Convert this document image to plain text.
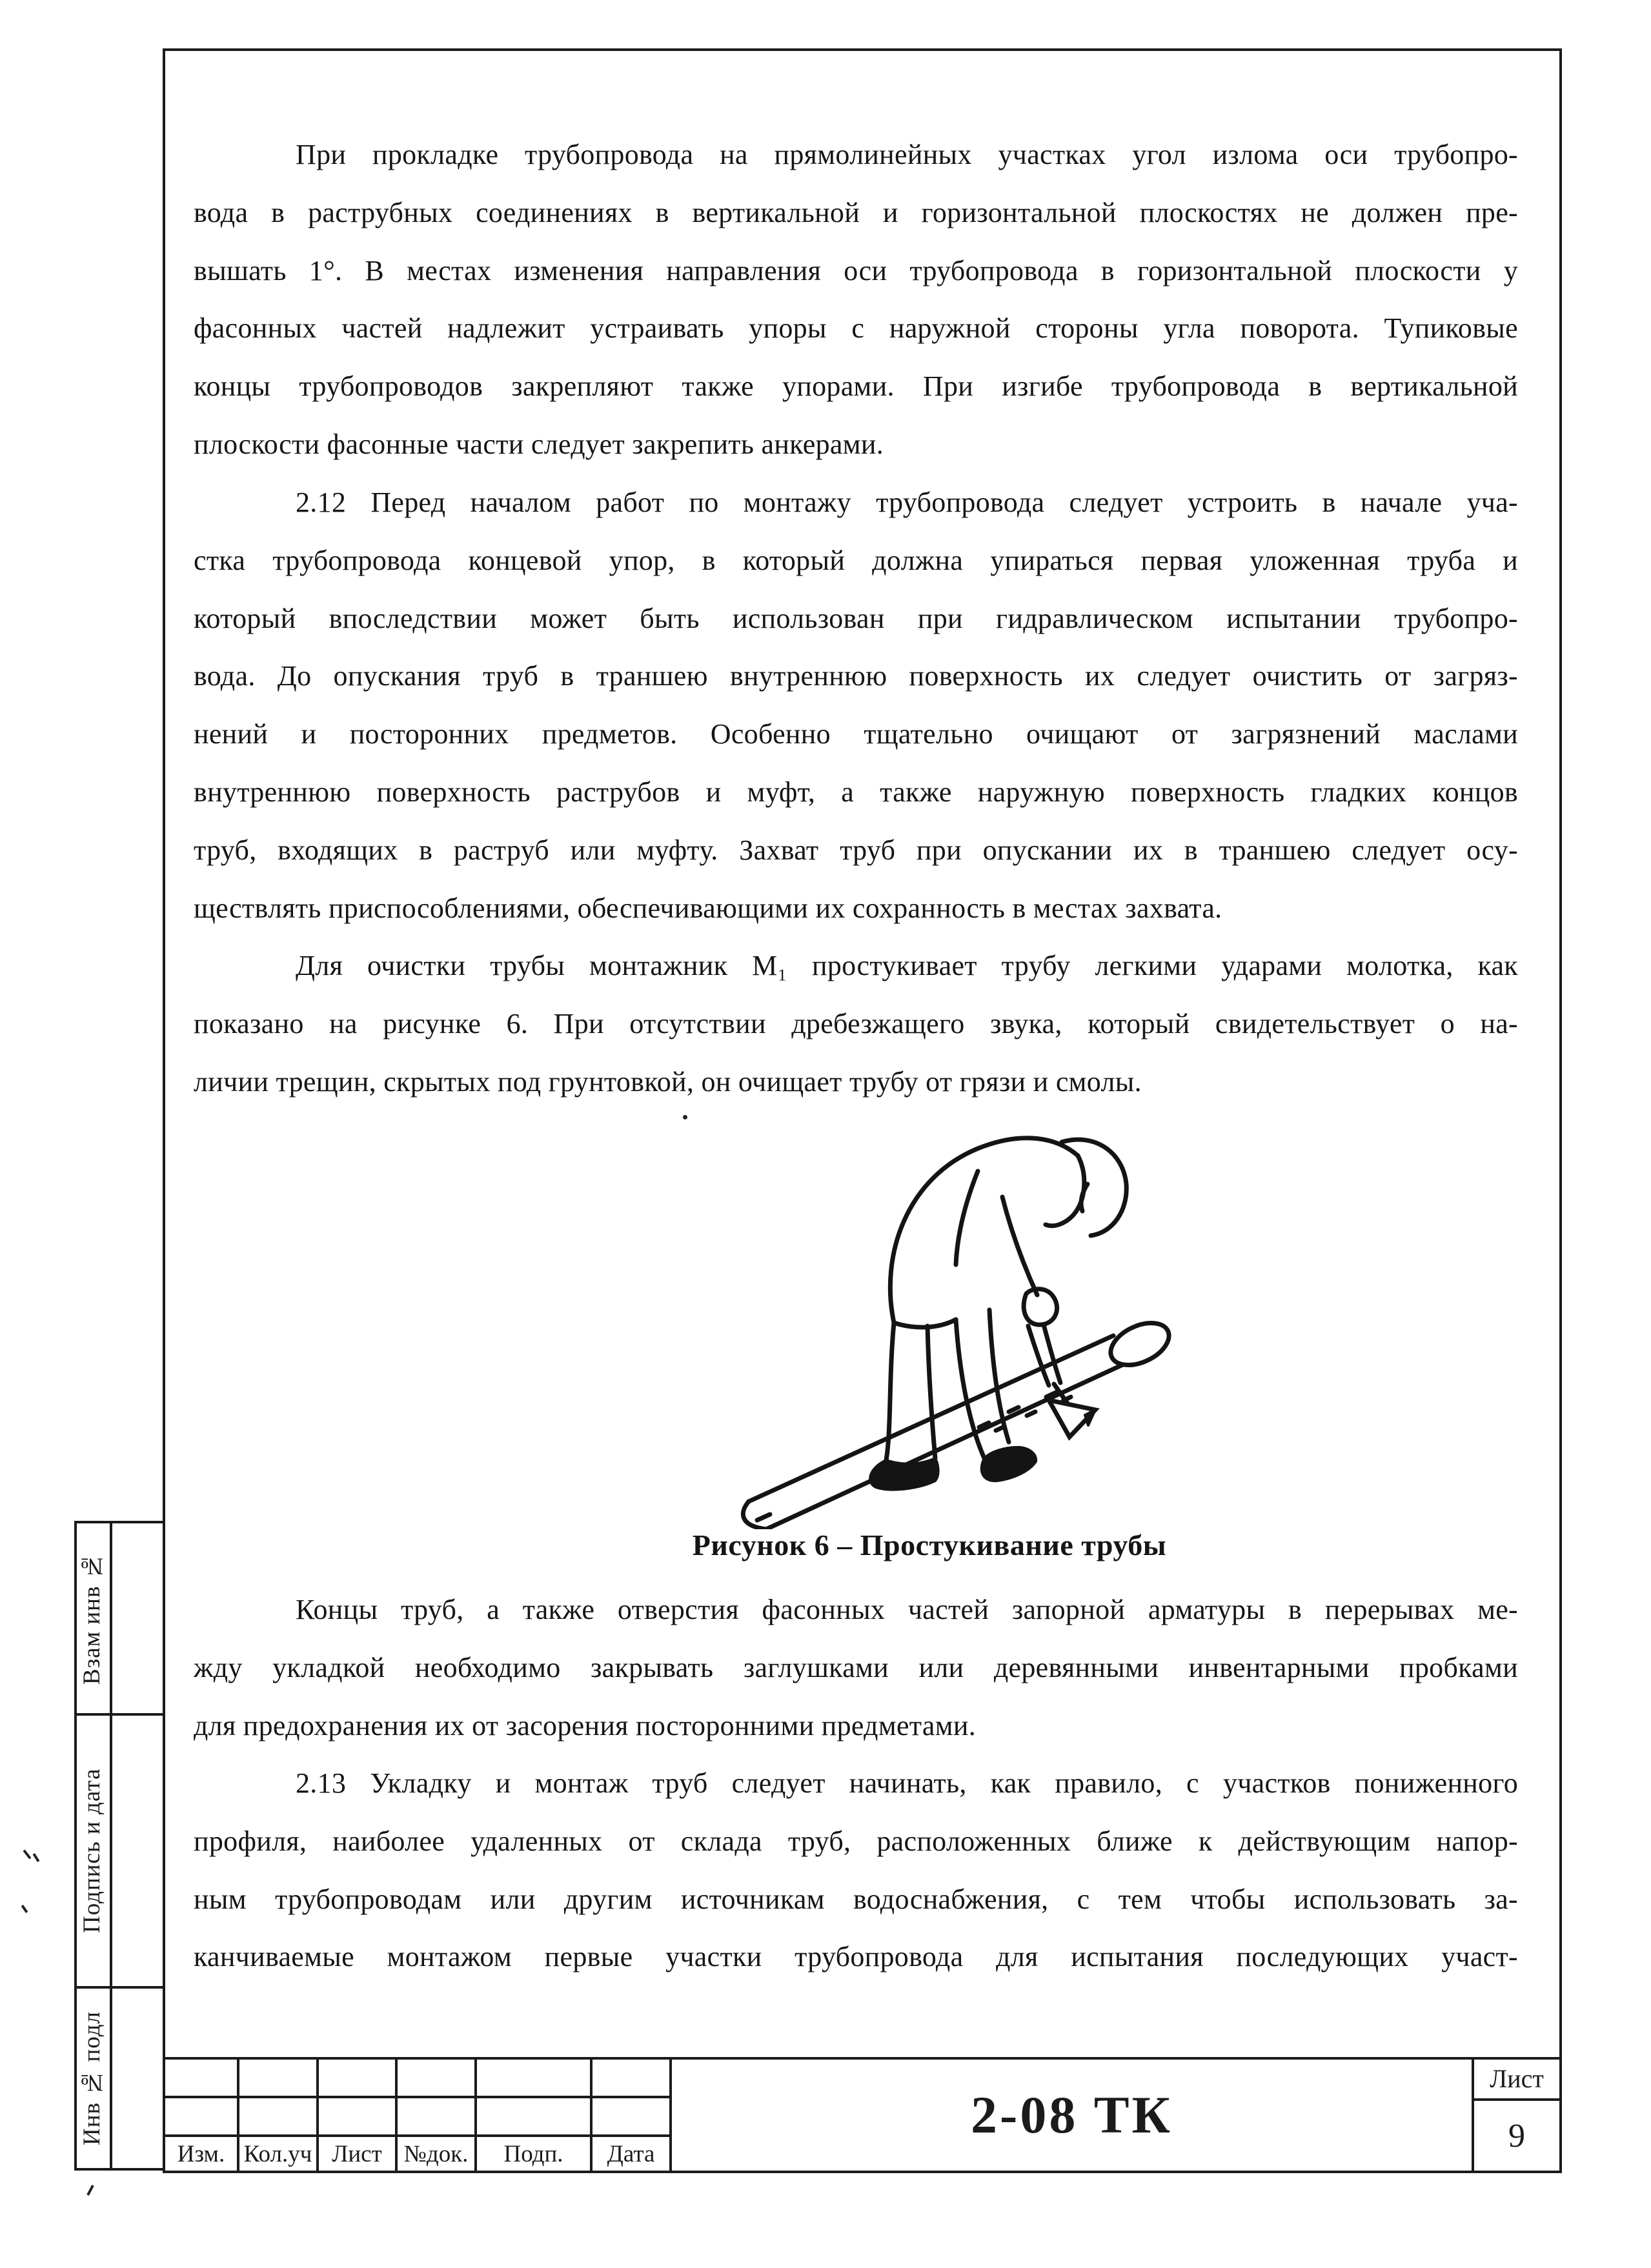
При прокладке трубопровода на прямолинейных участках угол излома оси трубопро-
вода в раструбных соединениях в вертикальной и горизонтальной плоскостях не должен пре-
вышать 1°. В местах изменения направления оси трубопровода в горизонтальной плоскости у
фасонных частей надлежит устраивать упоры с наружной стороны угла поворота. Тупиковые
концы трубопроводов закрепляют также упорами. При изгибе трубопровода в вертикальной
плоскости фасонные части следует закрепить анкерами.
2.12 Перед началом работ по монтажу трубопровода следует устроить в начале уча-
стка трубопровода концевой упор, в который должна упираться первая уложенная труба и
который впоследствии может быть использован при гидравлическом испытании трубопро-
вода. До опускания труб в траншею внутреннюю поверхность их следует очистить от загряз-
нений и посторонних предметов. Особенно тщательно очищают от загрязнений маслами
внутреннюю поверхность раструбов и муфт, а также наружную поверхность гладких концов
труб, входящих в раструб или муфту. Захват труб при опускании их в траншею следует осу-
ществлять приспособлениями, обеспечивающими их сохранность в местах захвата.
Для очистки трубы монтажник М₁ простукивает трубу легкими ударами молотка, как
показано на рисунке 6. При отсутствии дребезжащего звука, который свидетельствует о на-
личии трещин, скрытых под грунтовкой, он очищает трубу от грязи и смолы.
Рисунок 6 – Простукивание трубы
Концы труб, а также отверстия фасонных частей запорной арматуры в перерывах ме-
жду укладкой необходимо закрывать заглушками или деревянными инвентарными пробками
для предохранения их от засорения посторонними предметами.
2.13 Укладку и монтаж труб следует начинать, как правило, с участков пониженного
профиля, наиболее удаленных от склада труб, расположенных ближе к действующим напор-
ным трубопроводам или другим источникам водоснабжения, с тем чтобы использовать за-
канчиваемые монтажом первые участки трубопровода для испытания последующих участ-
Взам инв №
Подпись и дата
Инв № подл
Изм. Кол.уч Лист №док.	Подп.	Дата
2-08 ТК
Лист
9
